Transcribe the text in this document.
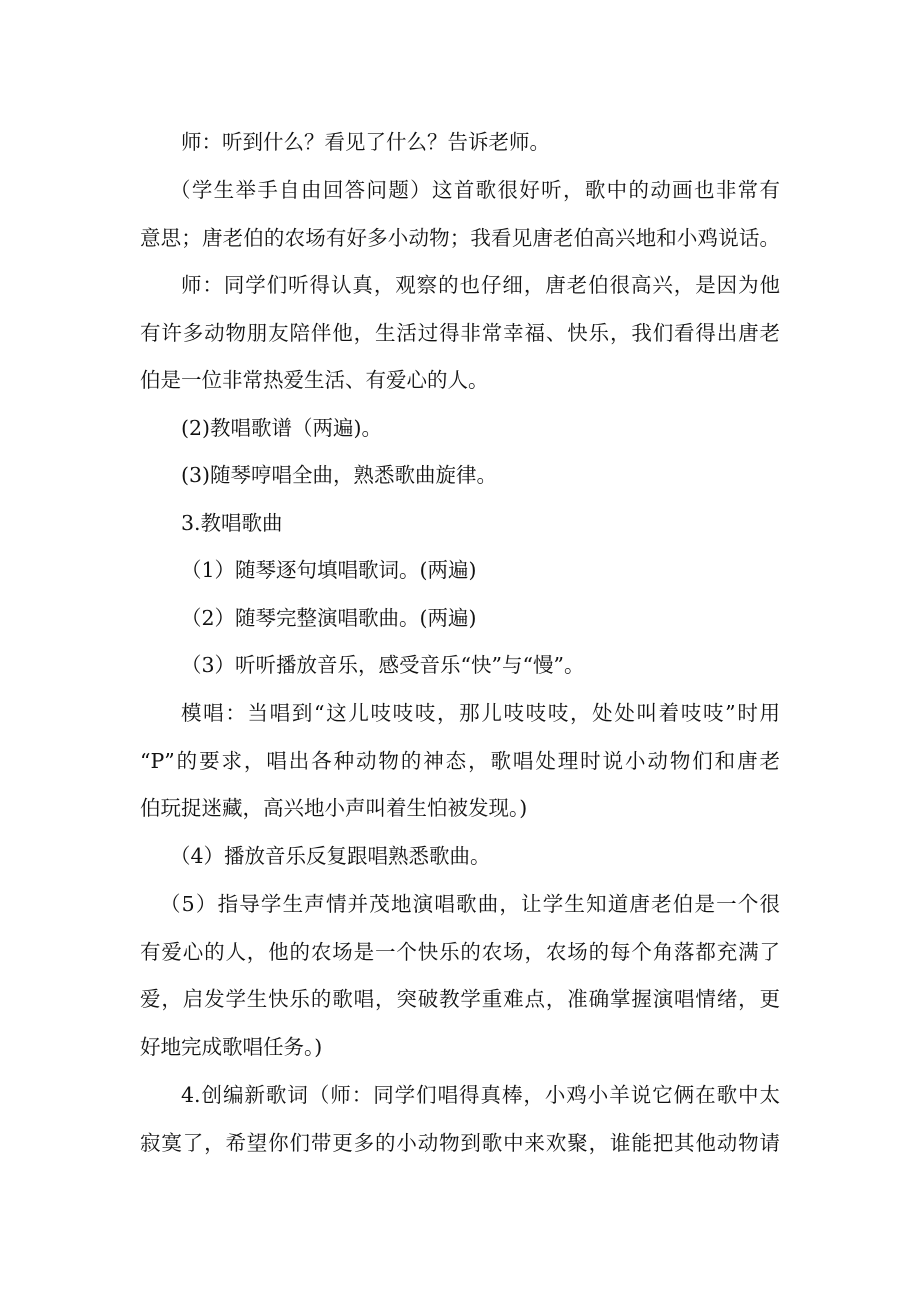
师：听到什么？看见了什么？告诉老师。
（学生举手自由回答问题）这首歌很好听，歌中的动画也非常有
意思；唐老伯的农场有好多小动物；我看见唐老伯高兴地和小鸡说话。
师：同学们听得认真，观察的也仔细，唐老伯很高兴，是因为他
有许多动物朋友陪伴他，生活过得非常幸福、快乐，我们看得出唐老
伯是一位非常热爱生活、有爱心的人。
(2)教唱歌谱（两遍)。
(3)随琴哼唱全曲，熟悉歌曲旋律。
3.教唱歌曲
（1）随琴逐句填唱歌词。(两遍)
（2）随琴完整演唱歌曲。(两遍)
（3）听听播放音乐，感受音乐“快”与“慢”。
模唱：当唱到“这儿吱吱吱，那儿吱吱吱，处处叫着吱吱”时用
“P”的要求，唱出各种动物的神态，歌唱处理时说小动物们和唐老
伯玩捉迷藏，高兴地小声叫着生怕被发现。)
（4）播放音乐反复跟唱熟悉歌曲。
（5）指导学生声情并茂地演唱歌曲，让学生知道唐老伯是一个很
有爱心的人，他的农场是一个快乐的农场，农场的每个角落都充满了
爱，启发学生快乐的歌唱，突破教学重难点，准确掌握演唱情绪，更
好地完成歌唱任务。)
4.创编新歌词（师：同学们唱得真棒，小鸡小羊说它俩在歌中太
寂寞了，希望你们带更多的小动物到歌中来欢聚，谁能把其他动物请
